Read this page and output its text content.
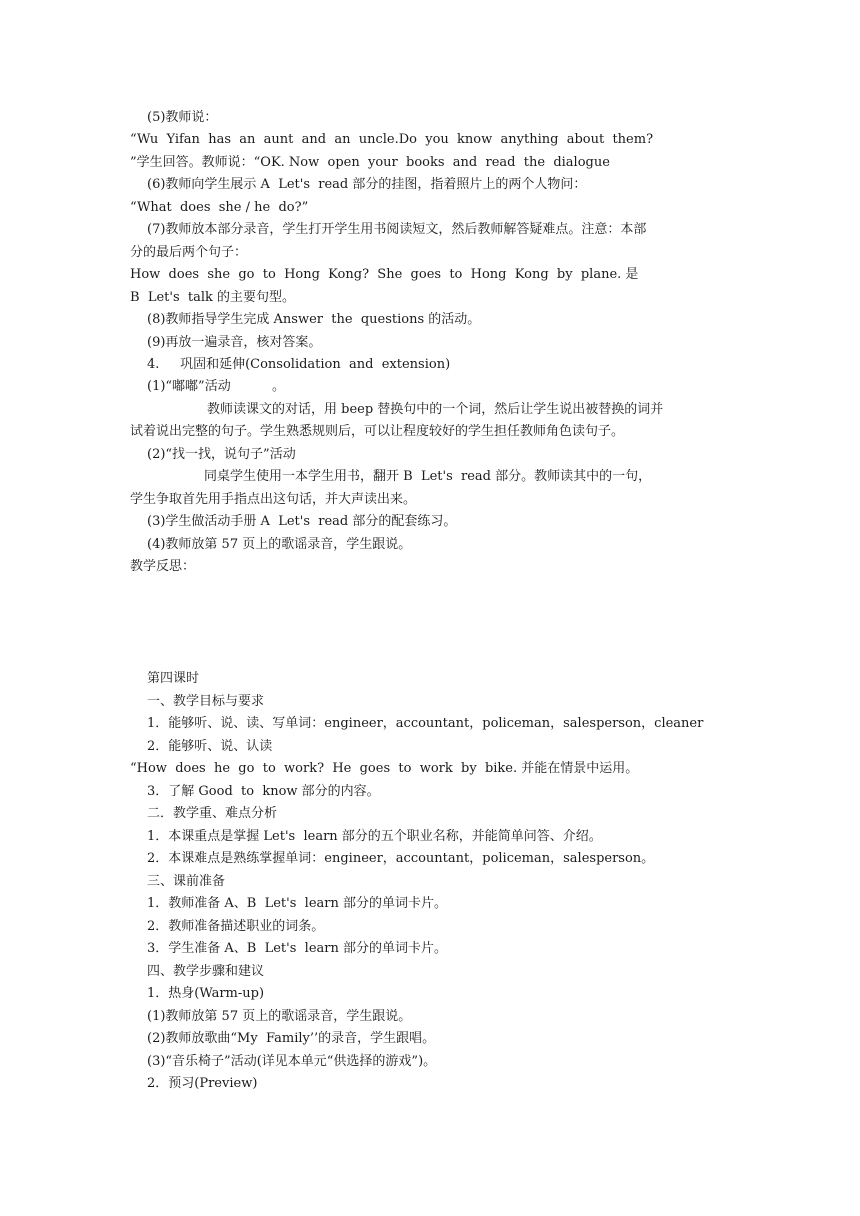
(5)教师说：
“Wu  Yifan  has  an  aunt  and  an  uncle.Do  you  know  anything  about  them?
”学生回答。教师说：“OK. Now  open  your  books  and  read  the  dialogue
(6)教师向学生展示 A  Let's  read 部分的挂图，指着照片上的两个人物问：
“What  does  she / he  do?”
(7)教师放本部分录音，学生打开学生用书阅读短文，然后教师解答疑难点。注意：本部
分的最后两个句子：
How  does  she  go  to  Hong  Kong?  She  goes  to  Hong  Kong  by  plane. 是
B  Let's  talk 的主要句型。
(8)教师指导学生完成 Answer  the  questions 的活动。
(9)再放一遍录音，核对答案。
4.     巩固和延伸(Consolidation  and  extension)
(1)“嘟嘟”活动          。
教师读课文的对话，用 beep 替换句中的一个词，然后让学生说出被替换的词并
试着说出完整的句子。学生熟悉规则后，可以让程度较好的学生担任教师角色读句子。
(2)“找一找，说句子”活动
同桌学生使用一本学生用书，翻开 B  Let's  read 部分。教师读其中的一句，
学生争取首先用手指点出这句话，并大声读出来。
(3)学生做活动手册 A  Let's  read 部分的配套练习。
(4)教师放第 57 页上的歌谣录音，学生跟说。
教学反思：
第四课时
一、教学目标与要求
1．能够听、说、读、写单词：engineer，accountant，policeman，salesperson，cleaner
2．能够听、说、认读
“How  does  he  go  to  work?  He  goes  to  work  by  bike. 并能在情景中运用。
3．了解 Good  to  know 部分的内容。
二．教学重、难点分析
1．本课重点是掌握 Let's  learn 部分的五个职业名称，并能简单问答、介绍。
2．本课难点是熟练掌握单词：engineer，accountant，policeman，salesperson。
三、课前准备
1．教师准备 A、B  Let's  learn 部分的单词卡片。
2．教师准备描述职业的词条。
3．学生准备 A、B  Let's  learn 部分的单词卡片。
四、教学步骤和建议
1．热身(Warm-up)
(1)教师放第 57 页上的歌谣录音，学生跟说。
(2)教师放歌曲“My  Family’’的录音，学生跟唱。
(3)“音乐椅子”活动(详见本单元“供选择的游戏”)。
2．预习(Preview)
